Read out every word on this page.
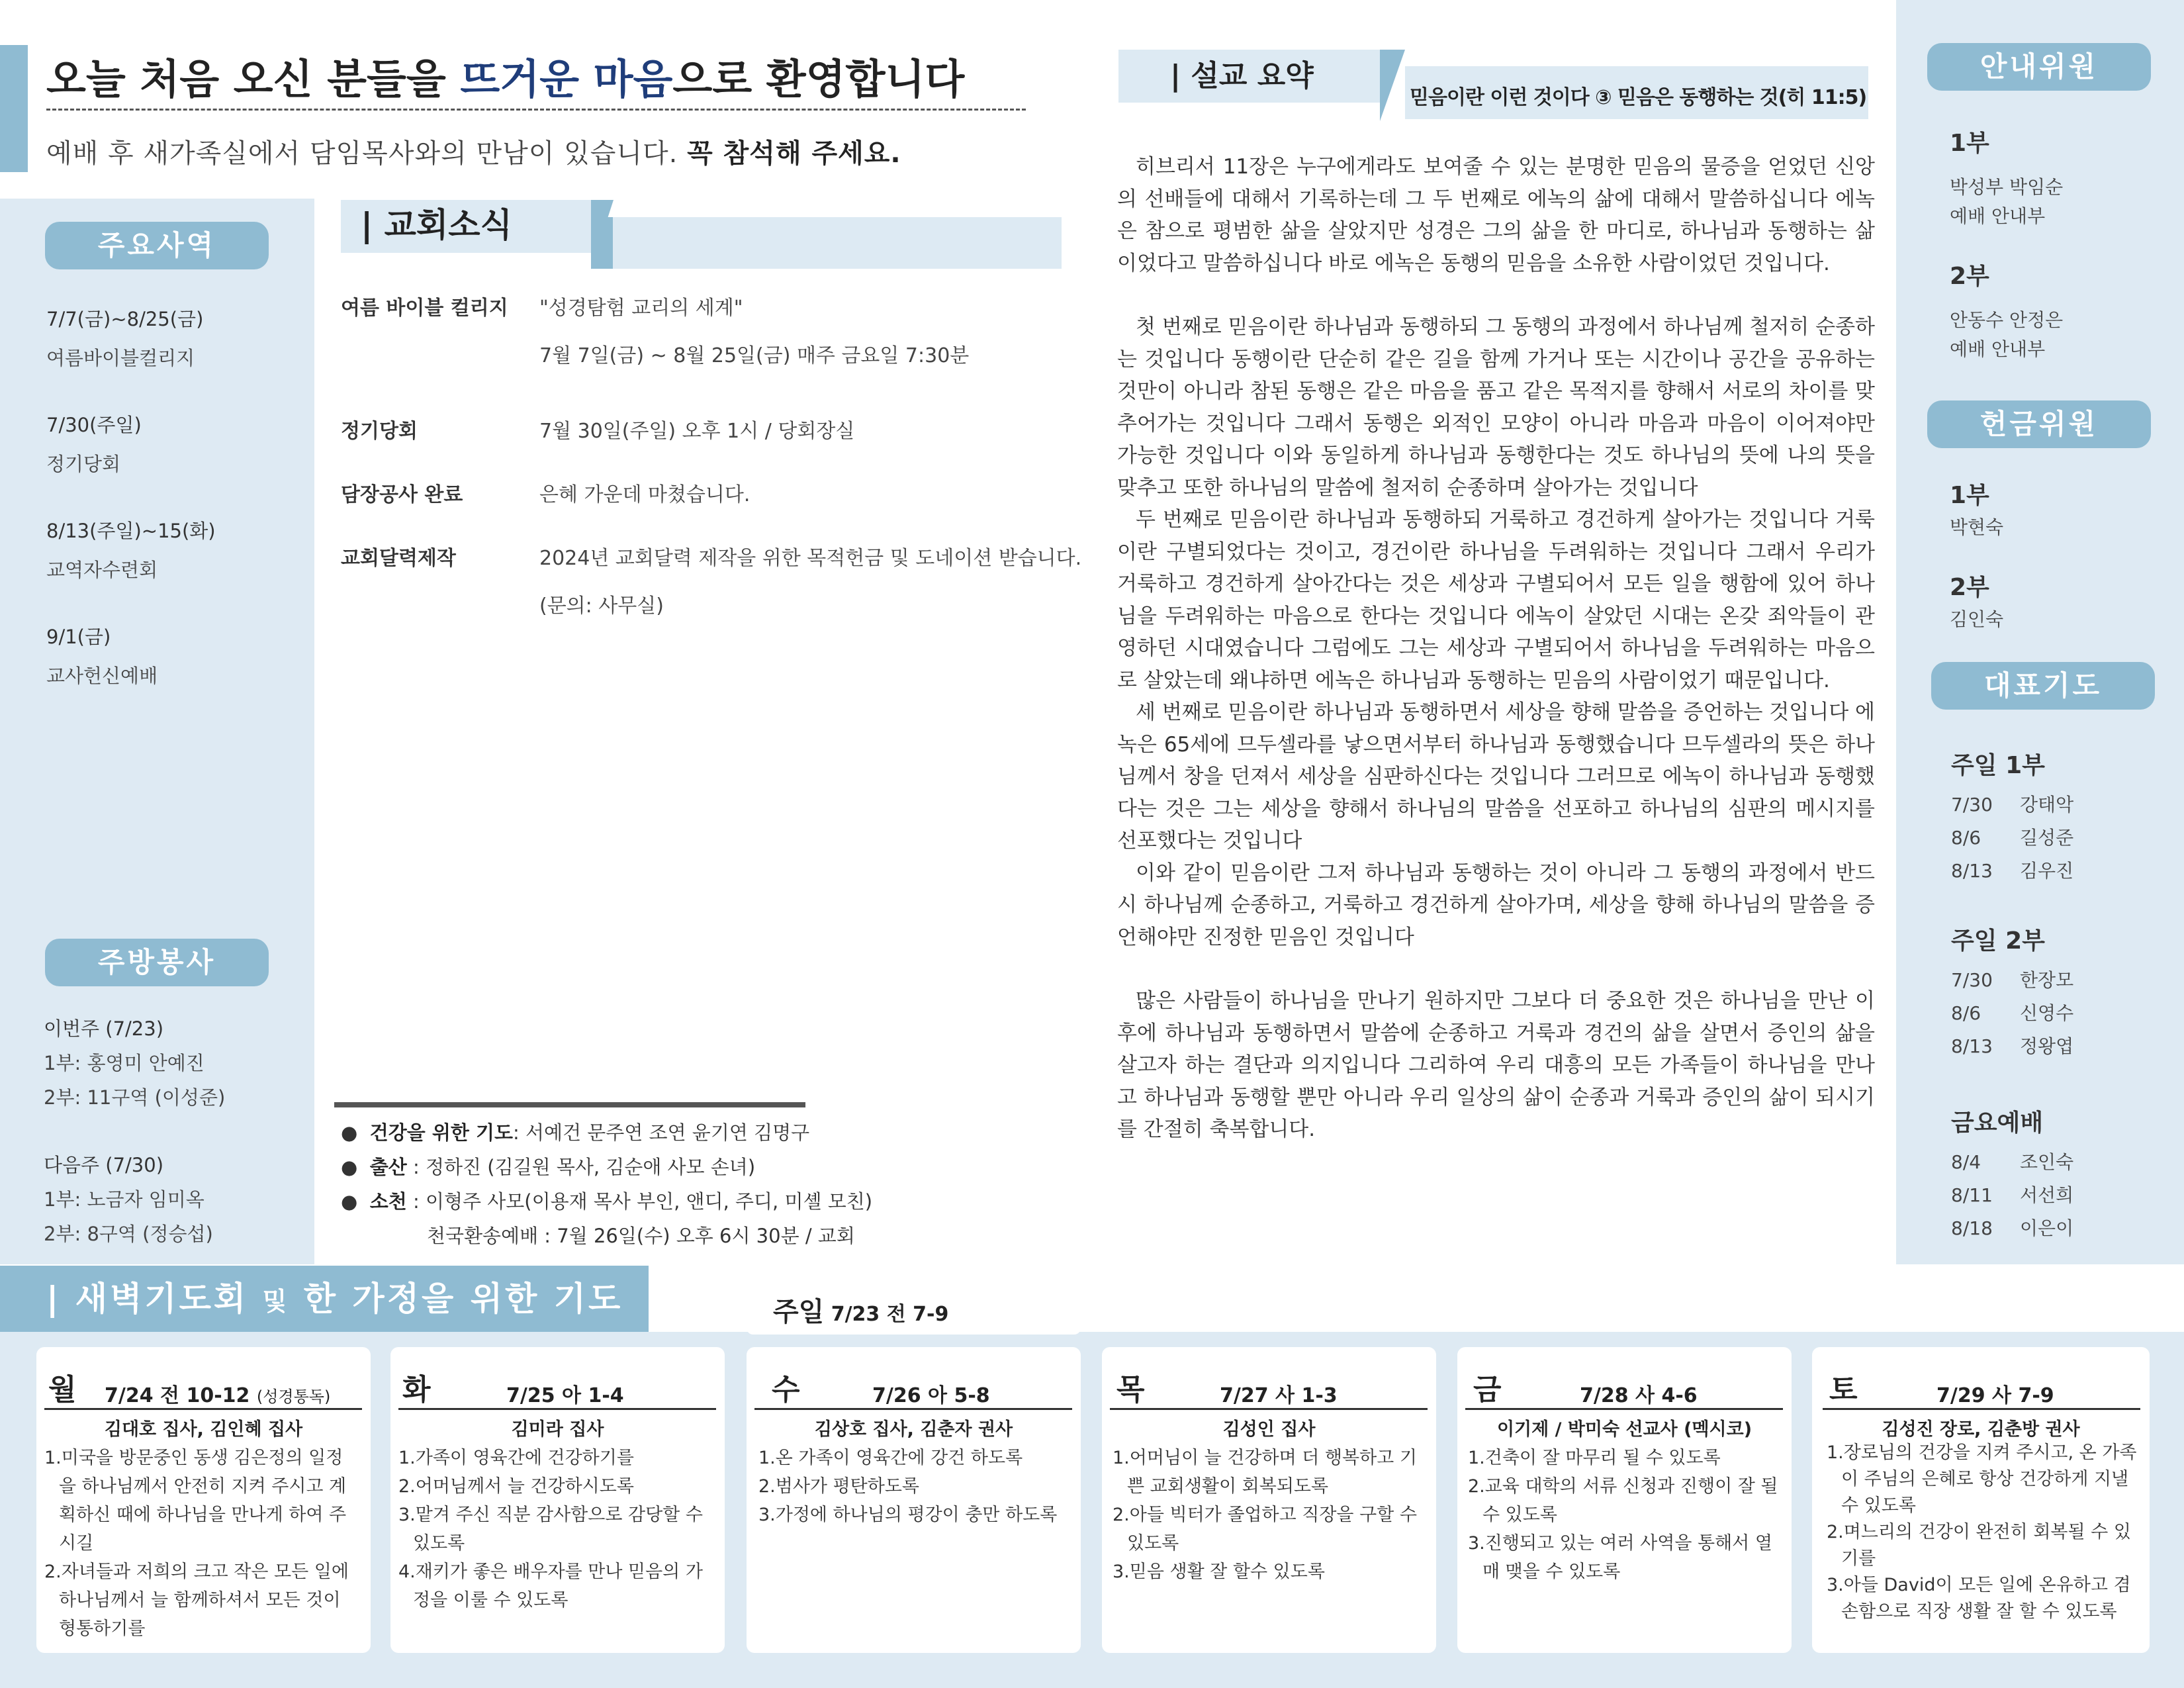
오늘 처음 오신 분들을 뜨거운 마음으로 환영합니다
예배 후 새가족실에서 담임목사와의 만남이 있습니다. 꼭 참석해 주세요.
주요사역
7/7(금)~8/25(금)
여름바이블컬리지
7/30(주일)
정기당회
8/13(주일)~15(화)
교역자수련회
9/1(금)
교사헌신예배
주방봉사
이번주 (7/23)
1부: 홍영미 안예진
2부: 11구역 (이성준)
다음주 (7/30)
1부: 노금자 임미옥
2부: 8구역 (정승섭)
| 교회소식
여름 바이블 컬리지 "성경탐험 교리의 세계"
7월 7일(금) ~ 8월 25일(금) 매주 금요일 7:30분
정기당회	7월 30일(주일) 오후 1시 / 당회장실
담장공사 완료	은혜 가운데 마쳤습니다.
교회달력제작	2024년 교회달력 제작을 위한 목적헌금 및 도네이션 받습니다.
(문의: 사무실)
●  건강을 위한 기도: 서예건 문주연 조연 윤기연 김명구
●  출산 : 정하진 (김길원 목사, 김순애 사모 손녀)
●  소천 : 이형주 사모(이용재 목사 부인, 앤디, 주디, 미셸 모친)
천국환송예배 : 7월 26일(수) 오후 6시 30분 / 교회
| 설교 요약
믿음이란 이런 것이다 ③ 믿음은 동행하는 것(히 11:5)

히브리서 11장은 누구에게라도 보여줄 수 있는 분명한 믿음의 물증을 얻었던 신앙의 선배들에 대해서 기록하는데 그 두 번째로 에녹의 삶에 대해서 말씀하십니다 에녹은 참으로 평범한 삶을 살았지만 성경은 그의 삶을 한 마디로, 하나님과 동행하는 삶이었다고 말씀하십니다 바로 에녹은 동행의 믿음을 소유한 사람이었던 것입니다.

첫 번째로 믿음이란 하나님과 동행하되 그 동행의 과정에서 하나님께 철저히 순종하는 것입니다 동행이란 단순히 같은 길을 함께 가거나 또는 시간이나 공간을 공유하는 것만이 아니라 참된 동행은 같은 마음을 품고 같은 목적지를 향해서 서로의 차이를 맞추어가는 것입니다 그래서 동행은 외적인 모양이 아니라 마음과 마음이 이어져야만 가능한 것입니다 이와 동일하게 하나님과 동행한다는 것도 하나님의 뜻에 나의 뜻을 맞추고 또한 하나님의 말씀에 철저히 순종하며 살아가는 것입니다

두 번째로 믿음이란 하나님과 동행하되 거룩하고 경건하게 살아가는 것입니다 거룩이란 구별되었다는 것이고, 경건이란 하나님을 두려워하는 것입니다 그래서 우리가 거룩하고 경건하게 살아간다는 것은 세상과 구별되어서 모든 일을 행함에 있어 하나님을 두려워하는 마음으로 한다는 것입니다 에녹이 살았던 시대는 온갖 죄악들이 관영하던 시대였습니다 그럼에도 그는 세상과 구별되어서 하나님을 두려워하는 마음으로 살았는데 왜냐하면 에녹은 하나님과 동행하는 믿음의 사람이었기 때문입니다.

세 번째로 믿음이란 하나님과 동행하면서 세상을 향해 말씀을 증언하는 것입니다 에녹은 65세에 므두셀라를 낳으면서부터 하나님과 동행했습니다 므두셀라의 뜻은 하나님께서 창을 던져서 세상을 심판하신다는 것입니다 그러므로 에녹이 하나님과 동행했다는 것은 그는 세상을 향해서 하나님의 말씀을 선포하고 하나님의 심판의 메시지를 선포했다는 것입니다

이와 같이 믿음이란 그저 하나님과 동행하는 것이 아니라 그 동행의 과정에서 반드시 하나님께 순종하고, 거룩하고 경건하게 살아가며, 세상을 향해 하나님의 말씀을 증언해야만 진정한 믿음인 것입니다

많은 사람들이 하나님을 만나기 원하지만 그보다 더 중요한 것은 하나님을 만난 이후에 하나님과 동행하면서 말씀에 순종하고 거룩과 경건의 삶을 살면서 증인의 삶을 살고자 하는 결단과 의지입니다 그리하여 우리 대흥의 모든 가족들이 하나님을 만나고 하나님과 동행할 뿐만 아니라 우리 일상의 삶이 순종과 거룩과 증인의 삶이 되시기를 간절히 축복합니다.

안내위원
1부
박성부 박임순
예배 안내부
2부
안동수 안정은
예배 안내부
헌금위원
1부
박현숙
2부
김인숙
대표기도
주일 1부
7/30 강태악
8/6 길성준
8/13 김우진
주일 2부
7/30 한장모
8/6 신영수
8/13 정왕엽
금요예배
8/4 조인숙
8/11 서선희
8/18 이은이
| 새벽기도회 및 한 가정을 위한 기도	주일 7/23 전 7-9
월 7/24 전 10-12 (성경통독)
김대호 집사, 김인혜 집사
1.미국을 방문중인 동생 김은정의 일정을 하나님께서 안전히 지켜 주시고 계획하신 때에 하나님을 만나게 하여 주시길
2.자녀들과 저희의 크고 작은 모든 일에 하나님께서 늘 함께하셔서 모든 것이 형통하기를
화	7/25 아 1-4
김미라 집사
1.가족이 영육간에 건강하기를
2.어머님께서 늘 건강하시도록
3.맡겨 주신 직분 감사함으로 감당할 수 있도록
4.재키가 좋은 배우자를 만나 믿음의 가정을 이룰 수 있도록
수	7/26 아 5-8
김상호 집사, 김춘자 권사
1.온 가족이 영육간에 강건 하도록
2.범사가 평탄하도록
3.가정에 하나님의 평강이 충만 하도록
목	7/27 사 1-3
김성인 집사
1.어머님이 늘 건강하며 더 행복하고 기쁜 교회생활이 회복되도록
2.아들 빅터가 졸업하고 직장을 구할 수 있도록
3.믿음 생활 잘 할수 있도록
금	7/28 사 4-6
이기제 / 박미숙 선교사 (멕시코)
1.건축이 잘 마무리 될 수 있도록
2.교육 대학의 서류 신청과 진행이 잘 될 수 있도록
3.진행되고 있는 여러 사역을 통해서 열매 맺을 수 있도록
토	7/29 사 7-9
김성진 장로, 김춘방 권사
1.장로님의 건강을 지켜 주시고, 온 가족이 주님의 은혜로 항상 건강하게 지낼 수 있도록
2.며느리의 건강이 완전히 회복될 수 있기를
3.아들 David이 모든 일에 온유하고 겸손함으로 직장 생활 잘 할 수 있도록
